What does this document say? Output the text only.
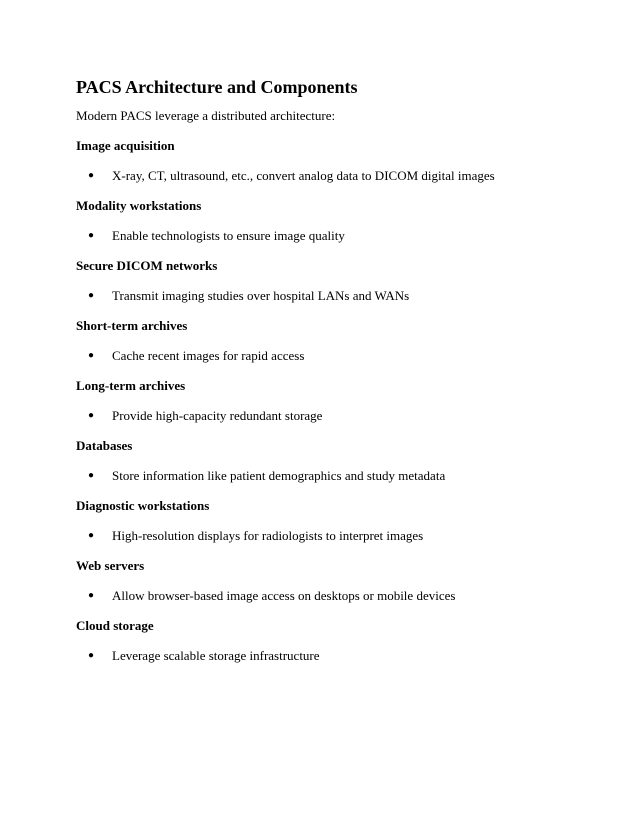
PACS Architecture and Components

Modern PACS leverage a distributed architecture:

Image acquisition
● X-ray, CT, ultrasound, etc., convert analog data to DICOM digital images
Modality workstations
● Enable technologists to ensure image quality
Secure DICOM networks
● Transmit imaging studies over hospital LANs and WANs
Short-term archives
● Cache recent images for rapid access
Long-term archives
● Provide high-capacity redundant storage
Databases
● Store information like patient demographics and study metadata
Diagnostic workstations
● High-resolution displays for radiologists to interpret images
Web servers
● Allow browser-based image access on desktops or mobile devices
Cloud storage
● Leverage scalable storage infrastructure
